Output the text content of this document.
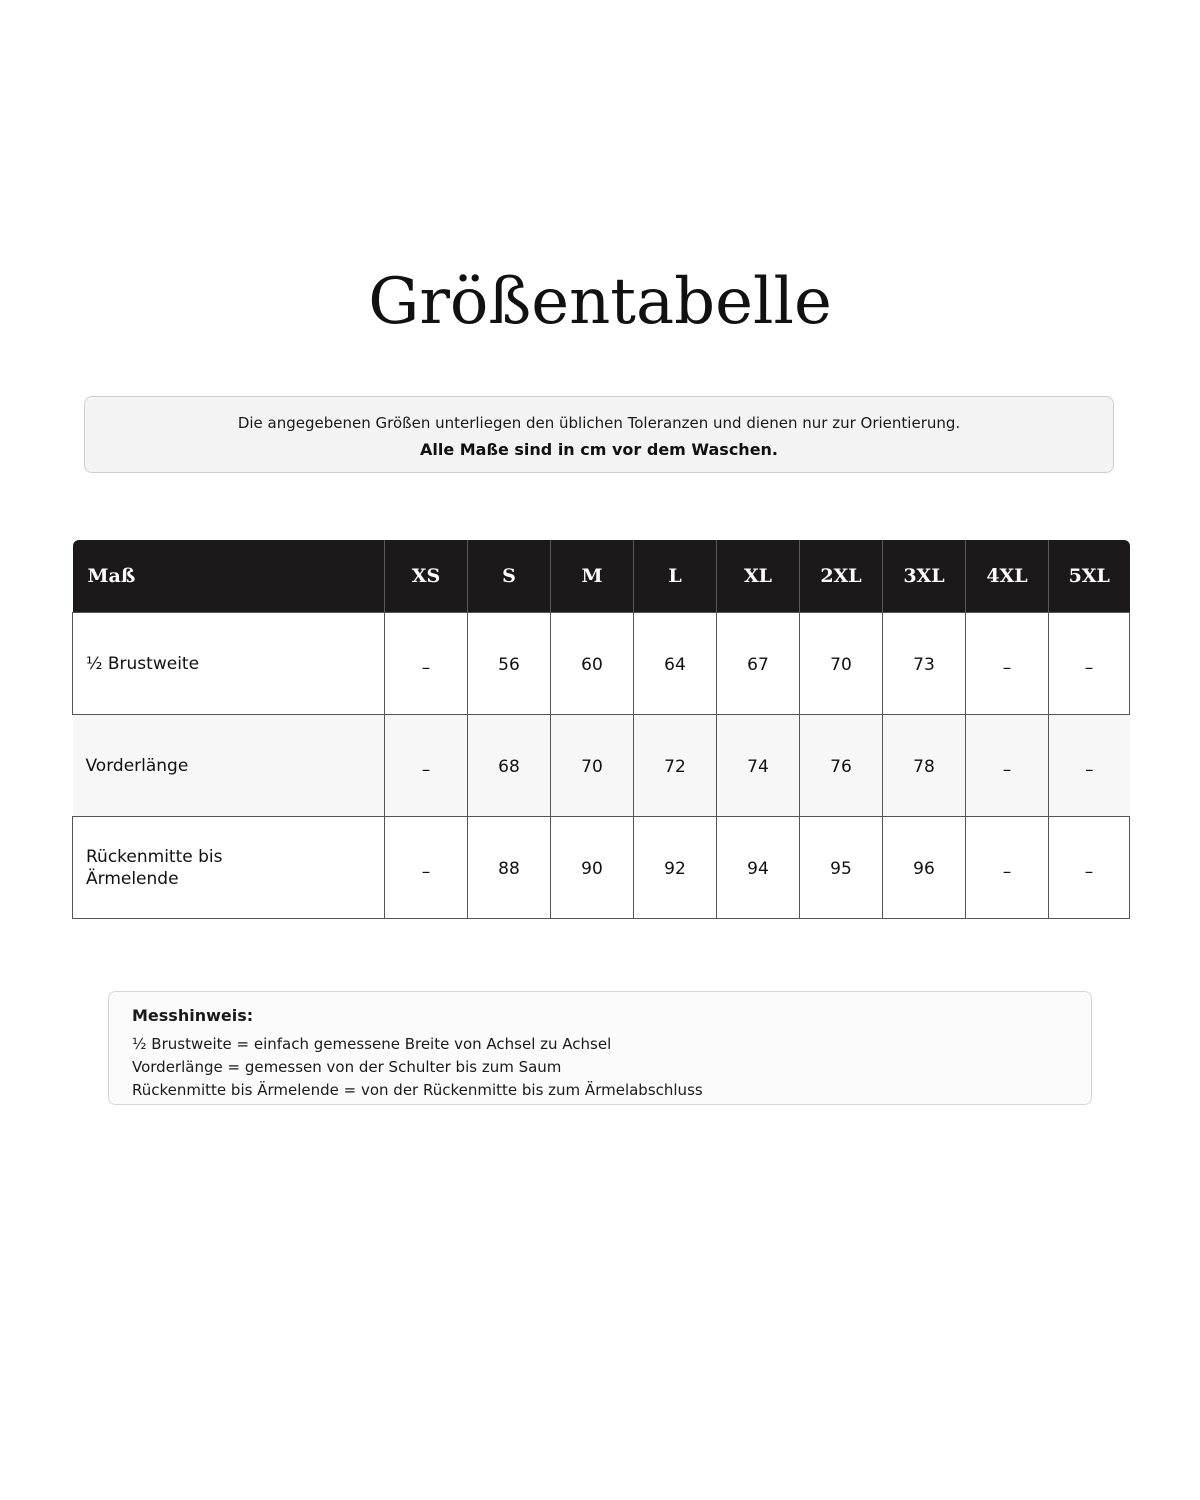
Größentabelle
Die angegebenen Größen unterliegen den üblichen Toleranzen und dienen nur zur Orientierung.
Alle Maße sind in cm vor dem Waschen.
Maß	XS	S	M	L	XL	2XL	3XL	4XL	5XL
½ Brustweite	–	56	60	64	67	70	73	–	–
Vorderlänge	–	68	70	72	74	76	78	–	–
Rückenmitte bis Ärmelende	–	88	90	92	94	95	96	–	–
Messhinweis:
½ Brustweite = einfach gemessene Breite von Achsel zu Achsel
Vorderlänge = gemessen von der Schulter bis zum Saum
Rückenmitte bis Ärmelende = von der Rückenmitte bis zum Ärmelabschluss
